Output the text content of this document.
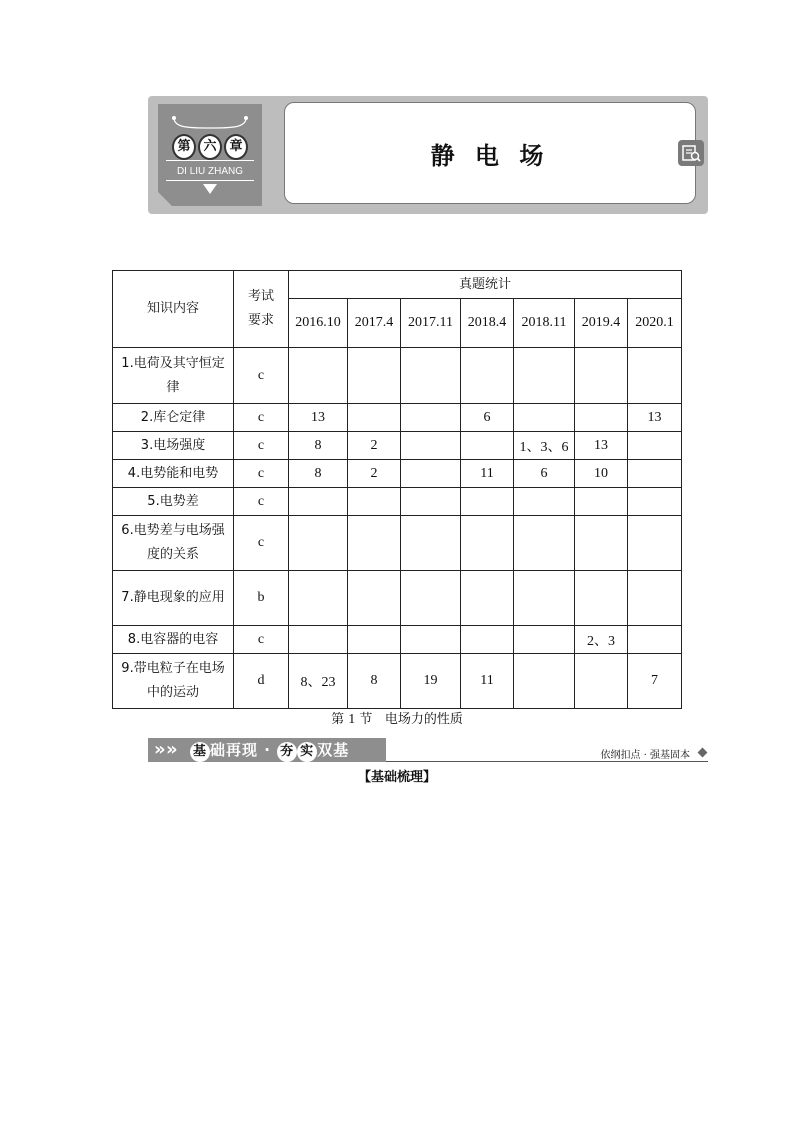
第 六 章
DI LIU ZHANG
静 电 场
知识内容	考试要求	真题统计						
		2016.10	2017.4	2017.11	2018.4	2018.11	2019.4	2020.1
1.电荷及其守恒定律	c							
2.库仑定律	c	13			6			13
3.电场强度	c	8	2			1、3、6	13	
4.电势能和电势	c	8	2		11	6	10	
5.电势差	c							
6.电势差与电场强度的关系	c							
7.静电现象的应用	b							
8.电容器的电容	c						2、3	
9.带电粒子在电场中的运动	d	8、23	8	19	11			7
第 1 节 电场力的性质
» » 基 础再现 · 夯 实 双基	依纲扣点 · 强基固本
【基础梳理】
